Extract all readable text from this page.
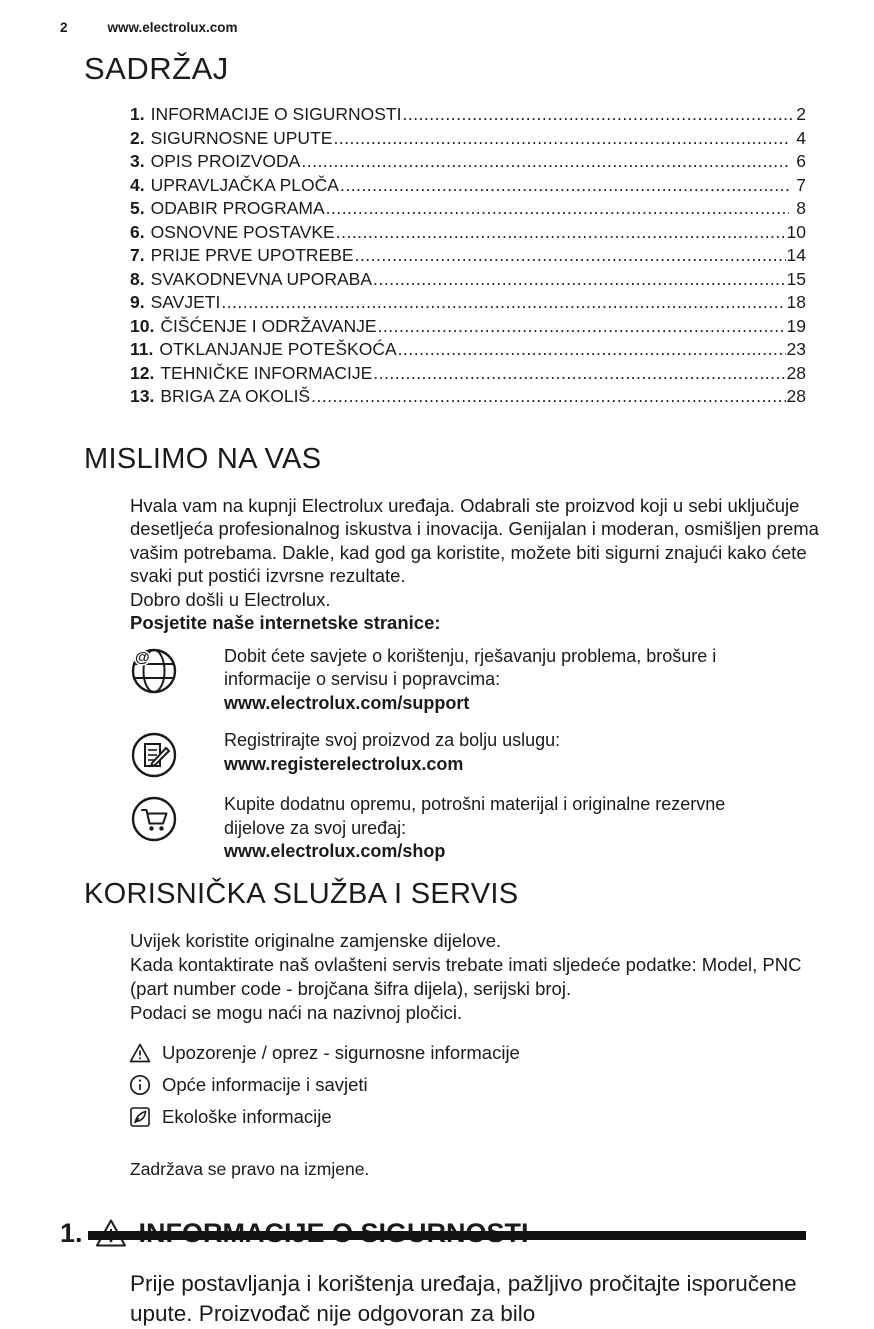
2	www.electrolux.com
SADRŽAJ
1. INFORMACIJE O SIGURNOSTI .....	2
2. SIGURNOSNE UPUTE .....	4
3. OPIS PROIZVODA .....	6
4. UPRAVLJAČKA PLOČA .....	7
5. ODABIR PROGRAMA .....	8
6. OSNOVNE POSTAVKE .....	10
7. PRIJE PRVE UPOTREBE .....	14
8. SVAKODNEVNA UPORABA .....	15
9. SAVJETI .....	18
10. ČIŠĆENJE I ODRŽAVANJE .....	19
11. OTKLANJANJE POTEŠKOĆA .....	23
12. TEHNIČKE INFORMACIJE .....	28
13. BRIGA ZA OKOLIŠ .....	28
MISLIMO NA VAS

Hvala vam na kupnji Electrolux uređaja. Odabrali ste proizvod koji u sebi uključuje desetljeća profesionalnog iskustva i inovacija. Genijalan i moderan, osmišljen prema vašim potrebama. Dakle, kad god ga koristite, možete biti sigurni znajući kako ćete svaki put postići izvrsne rezultate.

Dobro došli u Electrolux.

Posjetite naše internetske stranice:

@	Dobit ćete savjete o korištenju, rješavanju problema, brošure i informacije o servisu i popravcima:
www.electrolux.com/support
Registrirajte svoj proizvod za bolju uslugu:
www.registerelectrolux.com
Kupite dodatnu opremu, potrošni materijal i originalne rezervne dijelove za svoj uređaj:
www.electrolux.com/shop
KORISNIČKA SLUŽBA I SERVIS

Uvijek koristite originalne zamjenske dijelove.

Kada kontaktirate naš ovlašteni servis trebate imati sljedeće podatke: Model, PNC (part number code - brojčana šifra dijela), serijski broj.

Podaci se mogu naći na nazivnoj pločici.

Upozorenje / oprez - sigurnosne informacije
Opće informacije i savjeti
Ekološke informacije
Zadržava se pravo na izmjene.
1.

Prije postavljanja i korištenja uređaja, pažljivo pročitajte isporučene upute. Proizvođač nije odgovoran za bilo
